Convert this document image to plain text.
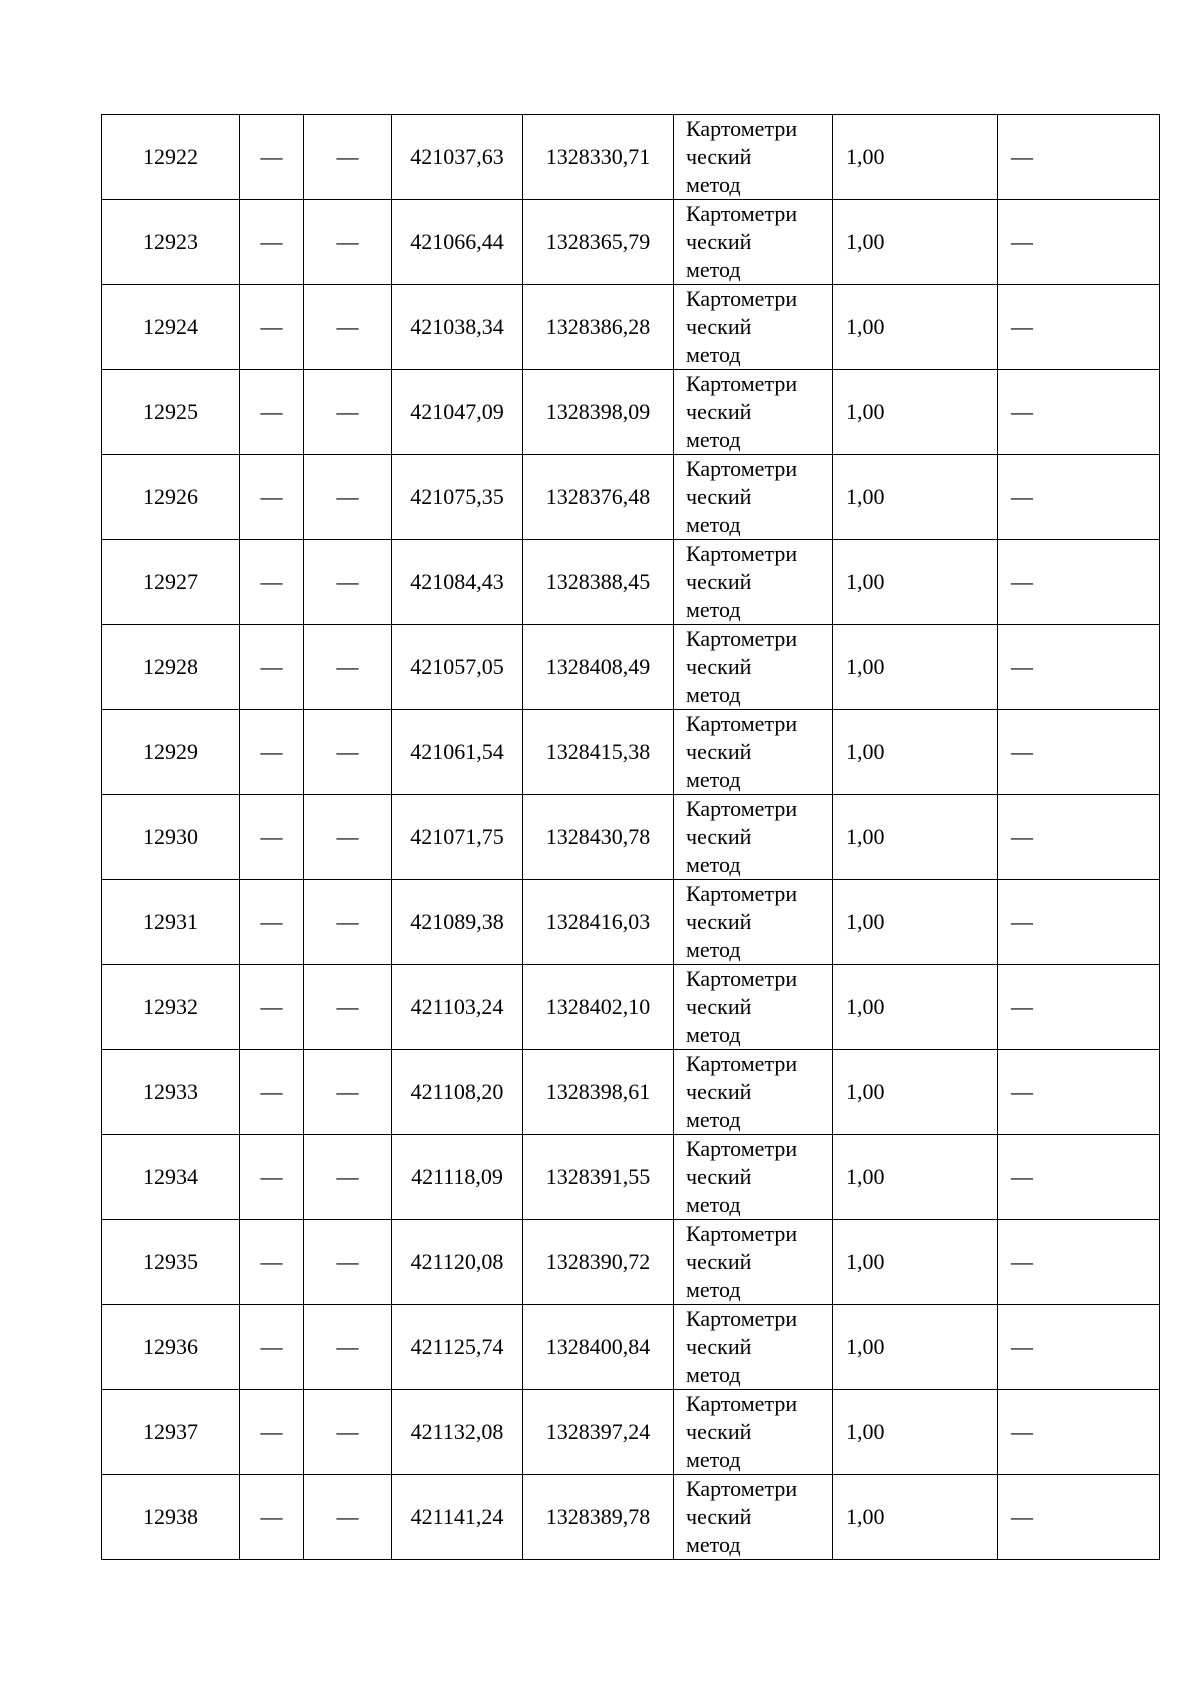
12922	—	—	421037,63	1328330,71	Картометри
ческий
метод	1,00	—
12923	—	—	421066,44	1328365,79	Картометри
ческий
метод	1,00	—
12924	—	—	421038,34	1328386,28	Картометри
ческий
метод	1,00	—
12925	—	—	421047,09	1328398,09	Картометри
ческий
метод	1,00	—
12926	—	—	421075,35	1328376,48	Картометри
ческий
метод	1,00	—
12927	—	—	421084,43	1328388,45	Картометри
ческий
метод	1,00	—
12928	—	—	421057,05	1328408,49	Картометри
ческий
метод	1,00	—
12929	—	—	421061,54	1328415,38	Картометри
ческий
метод	1,00	—
12930	—	—	421071,75	1328430,78	Картометри
ческий
метод	1,00	—
12931	—	—	421089,38	1328416,03	Картометри
ческий
метод	1,00	—
12932	—	—	421103,24	1328402,10	Картометри
ческий
метод	1,00	—
12933	—	—	421108,20	1328398,61	Картометри
ческий
метод	1,00	—
12934	—	—	421118,09	1328391,55	Картометри
ческий
метод	1,00	—
12935	—	—	421120,08	1328390,72	Картометри
ческий
метод	1,00	—
12936	—	—	421125,74	1328400,84	Картометри
ческий
метод	1,00	—
12937	—	—	421132,08	1328397,24	Картометри
ческий
метод	1,00	—
12938	—	—	421141,24	1328389,78	Картометри
ческий
метод	1,00	—
